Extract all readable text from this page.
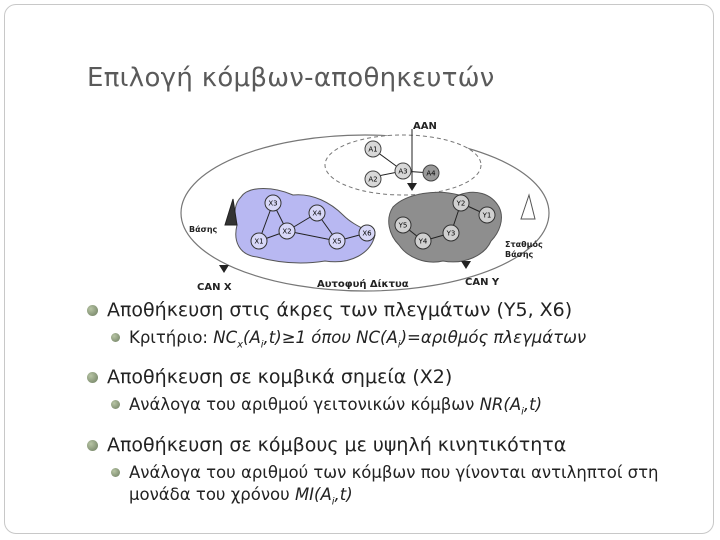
Επιλογή κόμβων-αποθηκευτών
A1
A2
A3	A4
X1
X2
X3
X4
X5
X6
Y1
Y2
Y3
Y4
Y5
AAN
Βάσης
Σταθμός
Βάσης
CAN X	Αυτοφυή Δίκτυα	CAN Y
Αποθήκευση στις άκρες των πλεγμάτων (Y5, X6)
Κριτήριο: $NC_x(A_i,t)\ge 1$ όπου $NC(A_i)=\alpha\rho\iota\theta\mu ό\varsigma$ πλεγμάτων
Αποθήκευση σε κομβικά σημεία (Χ2)
Ανάλογα του αριθμού γειτονικών κόμβων $NR(A_i,t)$
Αποθήκευση σε κόμβους με υψηλή κινητικότητα
Ανάλογα του αριθμού των κόμβων που γίνονται αντιληπτοί στη μονάδα του χρόνου $MI(A_i,t)$
